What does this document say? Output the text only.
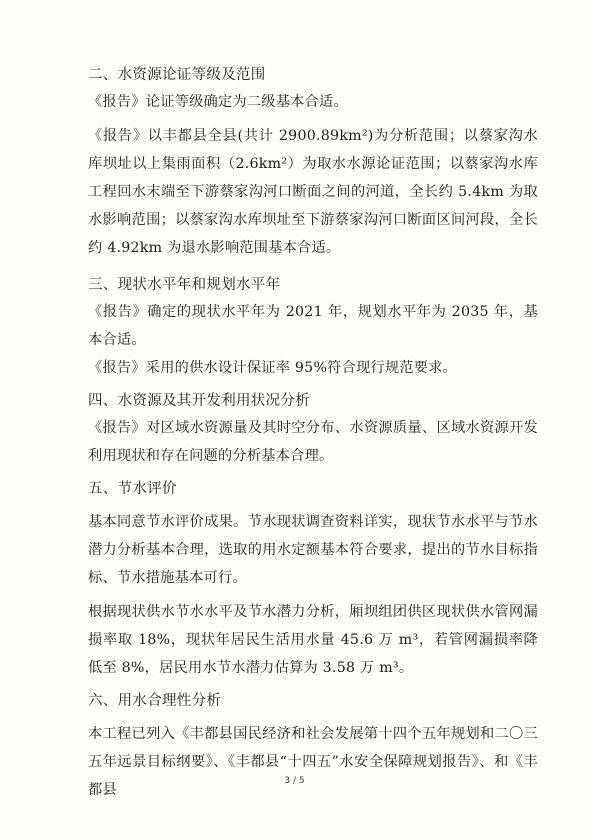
二、水资源论证等级及范围

《报告》论证等级确定为二级基本合适。

《报告》以丰都县全县(共计 2900.89km²)为分析范围；以蔡家沟水库坝址以上集雨面积（2.6km²）为取水水源论证范围；以蔡家沟水库工程回水末端至下游蔡家沟河口断面之间的河道，全长约 5.4km 为取水影响范围；以蔡家沟水库坝址至下游蔡家沟河口断面区间河段，全长约 4.92km 为退水影响范围基本合适。

三、现状水平年和规划水平年

《报告》确定的现状水平年为 2021 年，规划水平年为 2035 年，基本合适。

《报告》采用的供水设计保证率 95%符合现行规范要求。

四、水资源及其开发利用状况分析

《报告》对区域水资源量及其时空分布、水资源质量、区域水资源开发利用现状和存在问题的分析基本合理。

五、节水评价

基本同意节水评价成果。节水现状调查资料详实，现状节水水平与节水潜力分析基本合理，选取的用水定额基本符合要求，提出的节水目标指标、节水措施基本可行。

根据现状供水节水水平及节水潜力分析，厢坝组团供区现状供水管网漏损率取 18%，现状年居民生活用水量 45.6 万 m³，若管网漏损率降低至 8%，居民用水节水潜力估算为 3.58 万 m³。

六、用水合理性分析

本工程已列入《丰都县国民经济和社会发展第十四个五年规划和二〇三五年远景目标纲要》、《丰都县“十四五”水安全保障规划报告》、和《丰都县

3 / 5
